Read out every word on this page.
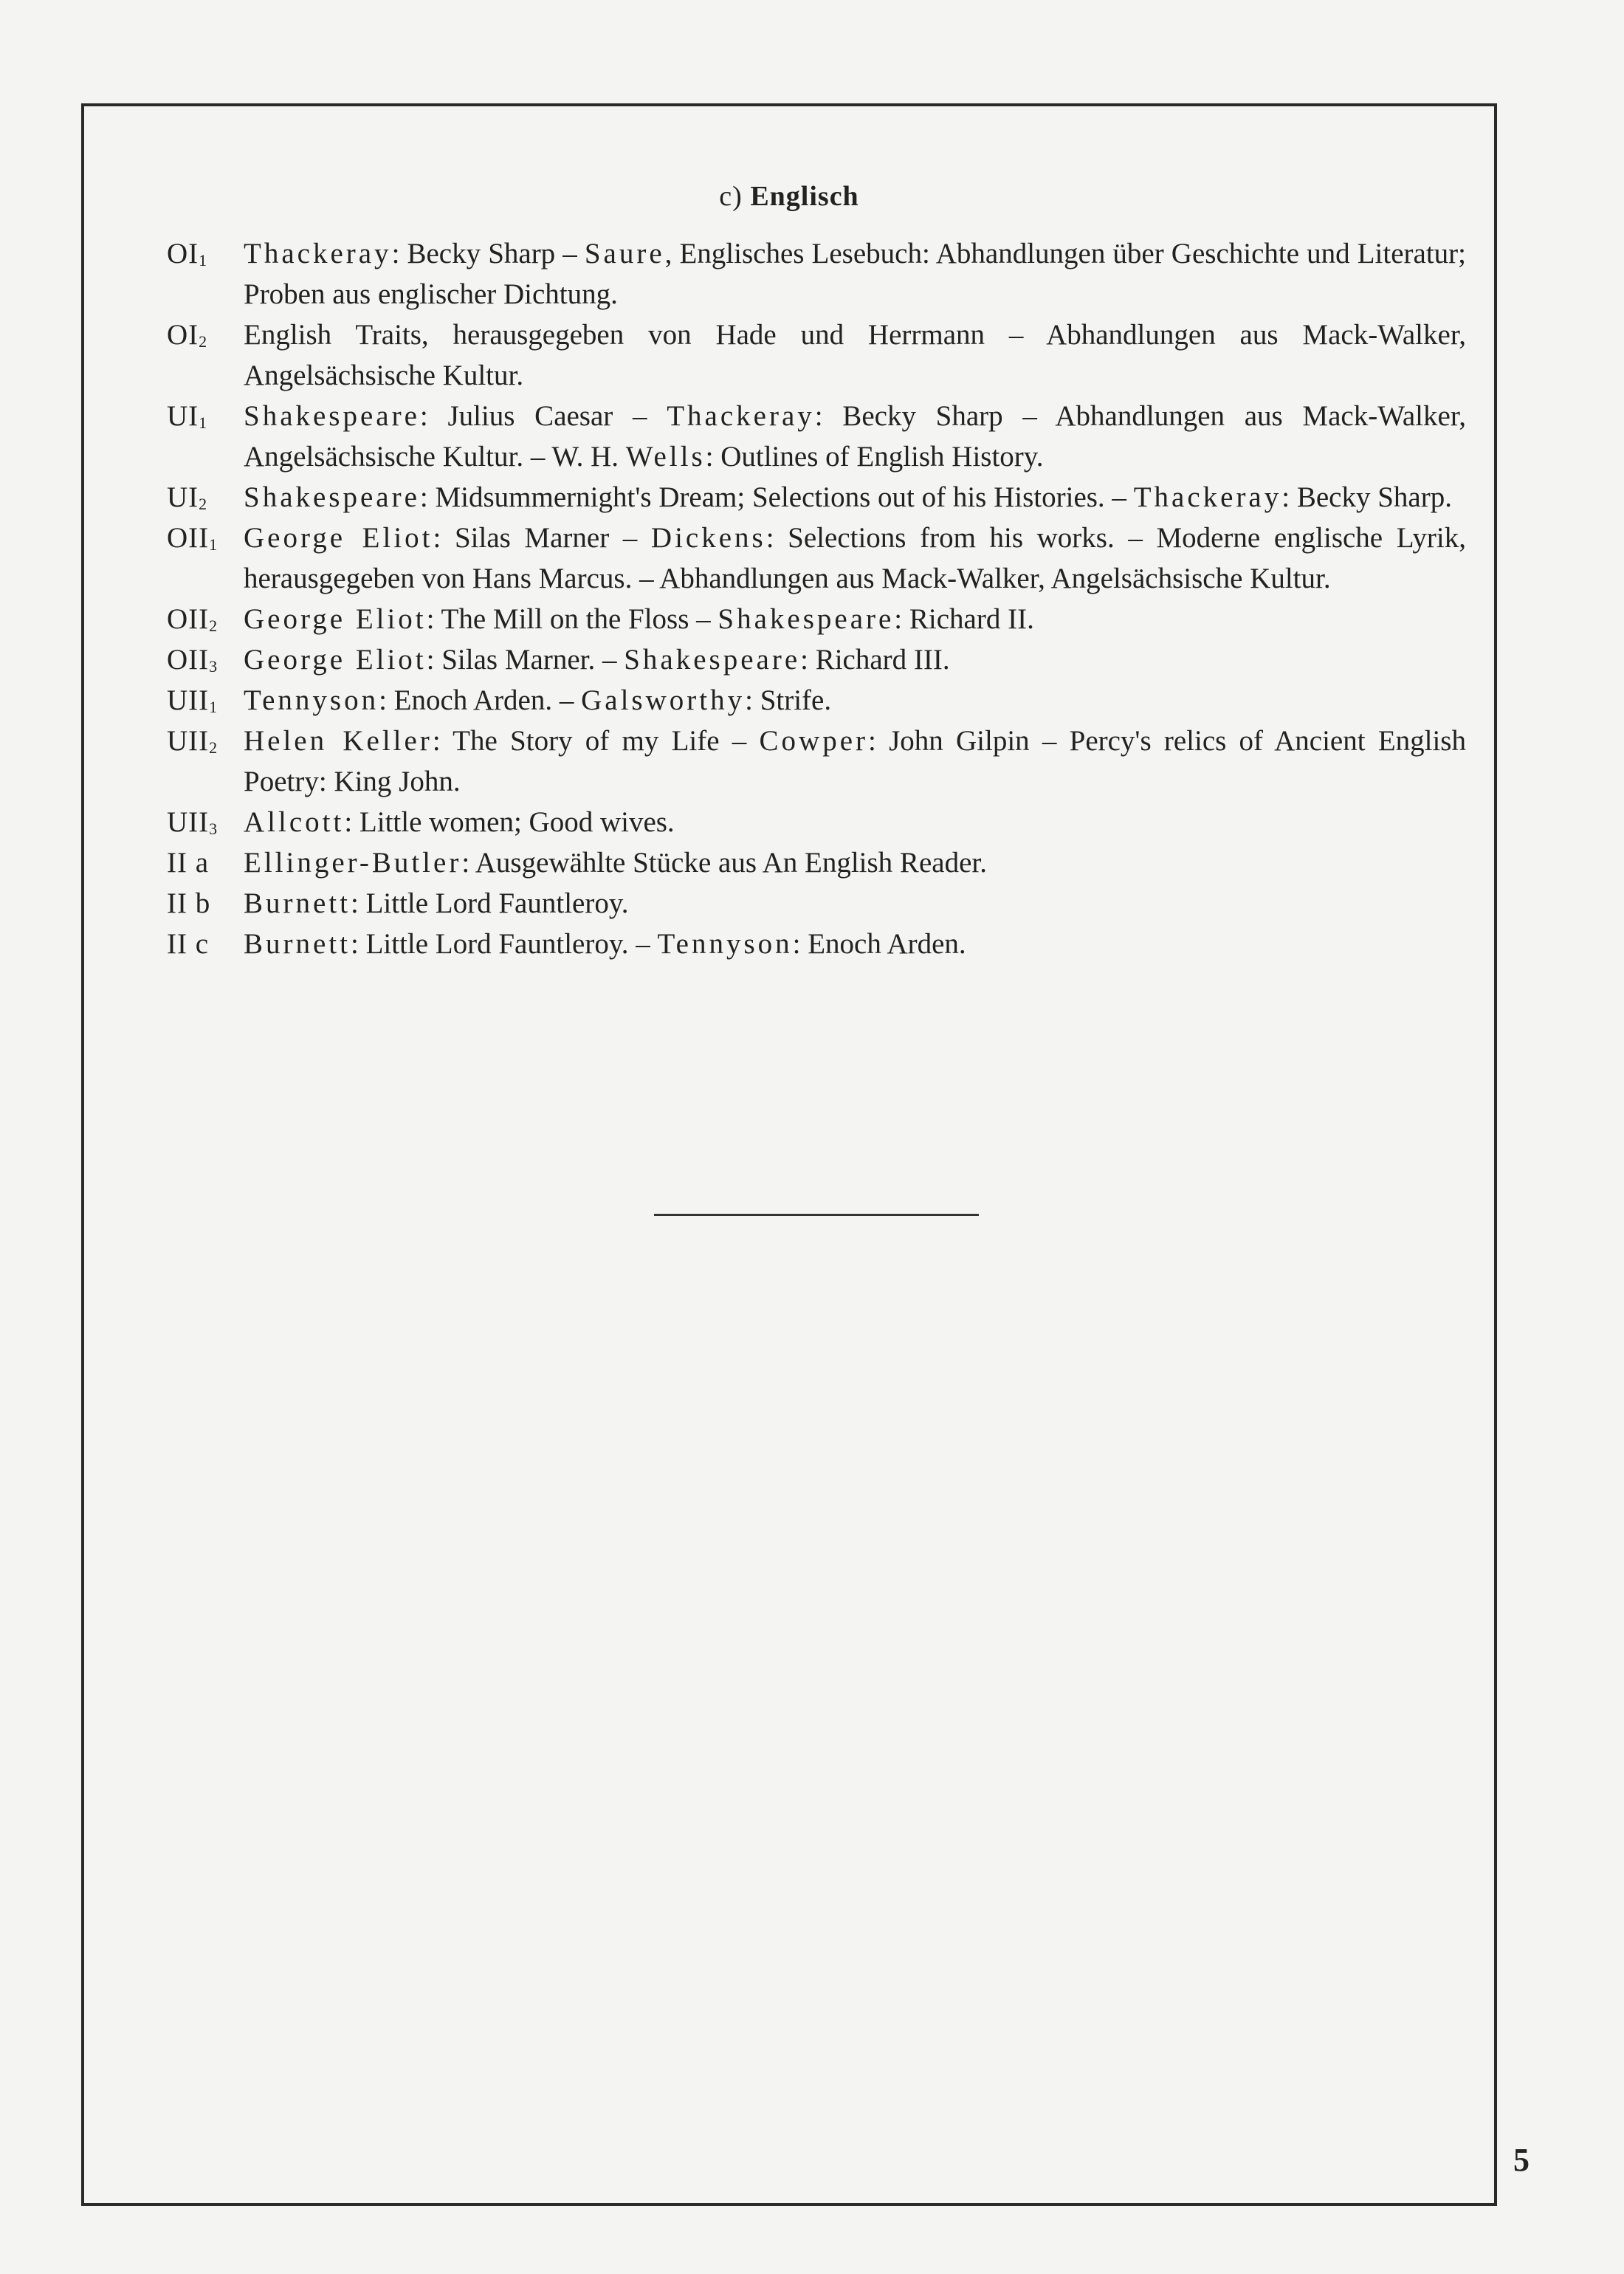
c) Englisch
$OI_1$	Thackeray: Becky Sharp – Saure, Englisches Lesebuch: Abhandlungen über Geschichte und Literatur; Proben aus englischer Dichtung.
$OI_2$	English Traits, herausgegeben von Hade und Herrmann – Abhandlungen aus Mack-Walker, Angelsächsische Kultur.
$UI_1$	Shakespeare: Julius Caesar – Thackeray: Becky Sharp – Abhandlungen aus Mack-Walker, Angelsächsische Kultur. – W. H. Wells: Outlines of English History.
$UI_2$	Shakespeare: Midsummernight's Dream; Selections out of his Histories. – Thackeray: Becky Sharp.
$OII_1$ George Eliot: Silas Marner – Dickens: Selections from his works. – Moderne englische Lyrik, herausgegeben von Hans Marcus. – Abhandlungen aus Mack-Walker, Angelsächsische Kultur.
$OII_2$ George Eliot: The Mill on the Floss – Shakespeare: Richard II.
$OII_3$ George Eliot: Silas Marner. – Shakespeare: Richard III.
$UII_1$ Tennyson: Enoch Arden. – Galsworthy: Strife.
$UII_2$ Helen Keller: The Story of my Life – Cowper: John Gilpin – Percy's relics of Ancient English Poetry: King John.
$UII_3$ Allcott: Little women; Good wives.
II a	Ellinger-Butler: Ausgewählte Stücke aus An English Reader.
II b	Burnett: Little Lord Fauntleroy.
II c	Burnett: Little Lord Fauntleroy. – Tennyson: Enoch Arden.
5
